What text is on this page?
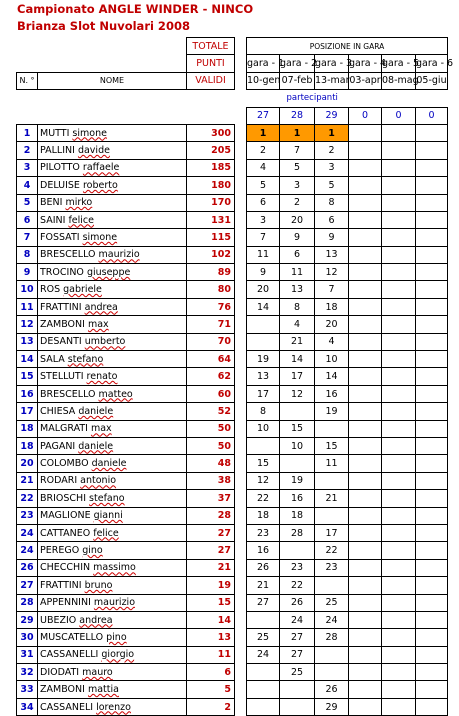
Campionato ANGLE WINDER - NINCO
Brianza Slot Nuvolari 2008
		TOTALE		POSIZIONE IN GARA					
		PUNTI		gara - 1	gara - 2	gara - 3	gara - 4	gara - 5	gara - 6
N. °	NOME	VALIDI		10-gen	07-feb	13-mar	03-apr	08-mag	05-giu
				partecipanti					
				27	28	29	0	0	0
1	MUTTI simone	300		1	1	1			
2	PALLINI davide	205		2	7	2			
3	PILOTTO raffaele	185		4	5	3			
4	DELUISE roberto	180		5	3	5			
5	BENI mirko	170		6	2	8			
6	SAINI felice	131		3	20	6			
7	FOSSATI simone	115		7	9	9			
8	BRESCELLO maurizio	102		11	6	13			
9	TROCINO giuseppe	89		9	11	12			
10	ROS gabriele	80		20	13	7			
11	FRATTINI andrea	76		14	8	18			
12	ZAMBONI max	71			4	20			
13	DESANTI umberto	70			21	4			
14	SALA stefano	64		19	14	10			
15	STELLUTI renato	62		13	17	14			
16	BRESCELLO matteo	60		17	12	16			
17	CHIESA daniele	52		8		19			
18	MALGRATI max	50		10	15				
18	PAGANI daniele	50			10	15			
20	COLOMBO daniele	48		15		11			
21	RODARI antonio	38		12	19				
22	BRIOSCHI stefano	37		22	16	21			
23	MAGLIONE gianni	28		18	18				
24	CATTANEO felice	27		23	28	17			
24	PEREGO gino	27		16		22			
26	CHECCHIN massimo	21		26	23	23			
27	FRATTINI bruno	19		21	22				
28	APPENNINI maurizio	15		27	26	25			
29	UBEZIO andrea	14			24	24			
30	MUSCATELLO pino	13		25	27	28			
31	CASSANELLI giorgio	11		24	27				
32	DIODATI mauro	6			25				
33	ZAMBONI mattia	5				26			
34	CASSANELI lorenzo	2				29			
